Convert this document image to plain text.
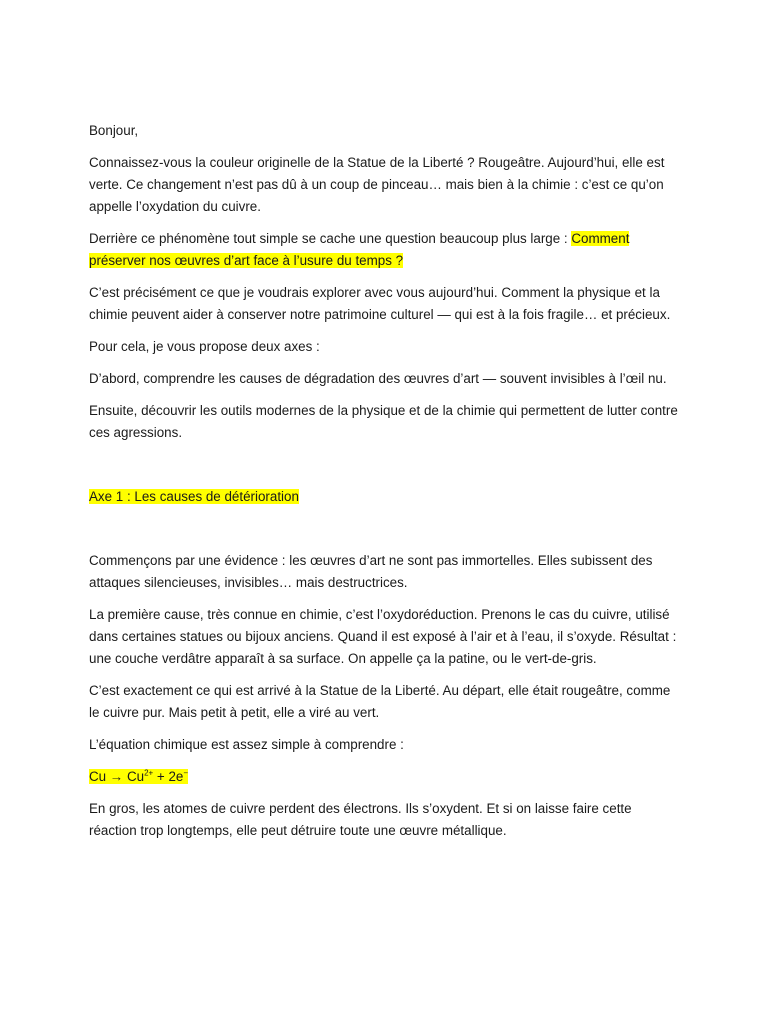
Bonjour,

Connaissez-vous la couleur originelle de la Statue de la Liberté ? Rougeâtre. Aujourd’hui, elle est verte. Ce changement n’est pas dû à un coup de pinceau… mais bien à la chimie : c’est ce qu’on appelle l’oxydation du cuivre.

Derrière ce phénomène tout simple se cache une question beaucoup plus large : Comment préserver nos œuvres d’art face à l’usure du temps ?

C’est précisément ce que je voudrais explorer avec vous aujourd’hui. Comment la physique et la chimie peuvent aider à conserver notre patrimoine culturel — qui est à la fois fragile… et précieux.

Pour cela, je vous propose deux axes :

D’abord, comprendre les causes de dégradation des œuvres d’art — souvent invisibles à l’œil nu.

Ensuite, découvrir les outils modernes de la physique et de la chimie qui permettent de lutter contre ces agressions.

Axe 1 : Les causes de détérioration

Commençons par une évidence : les œuvres d’art ne sont pas immortelles. Elles subissent des attaques silencieuses, invisibles… mais destructrices.

La première cause, très connue en chimie, c’est l’oxydoréduction. Prenons le cas du cuivre, utilisé dans certaines statues ou bijoux anciens. Quand il est exposé à l’air et à l’eau, il s’oxyde. Résultat : une couche verdâtre apparaît à sa surface. On appelle ça la patine, ou le vert-de-gris.

C’est exactement ce qui est arrivé à la Statue de la Liberté. Au départ, elle était rougeâtre, comme le cuivre pur. Mais petit à petit, elle a viré au vert.

L’équation chimique est assez simple à comprendre :

$Cu \to Cu^{2+} + 2e^-$

En gros, les atomes de cuivre perdent des électrons. Ils s’oxydent. Et si on laisse faire cette réaction trop longtemps, elle peut détruire toute une œuvre métallique.
